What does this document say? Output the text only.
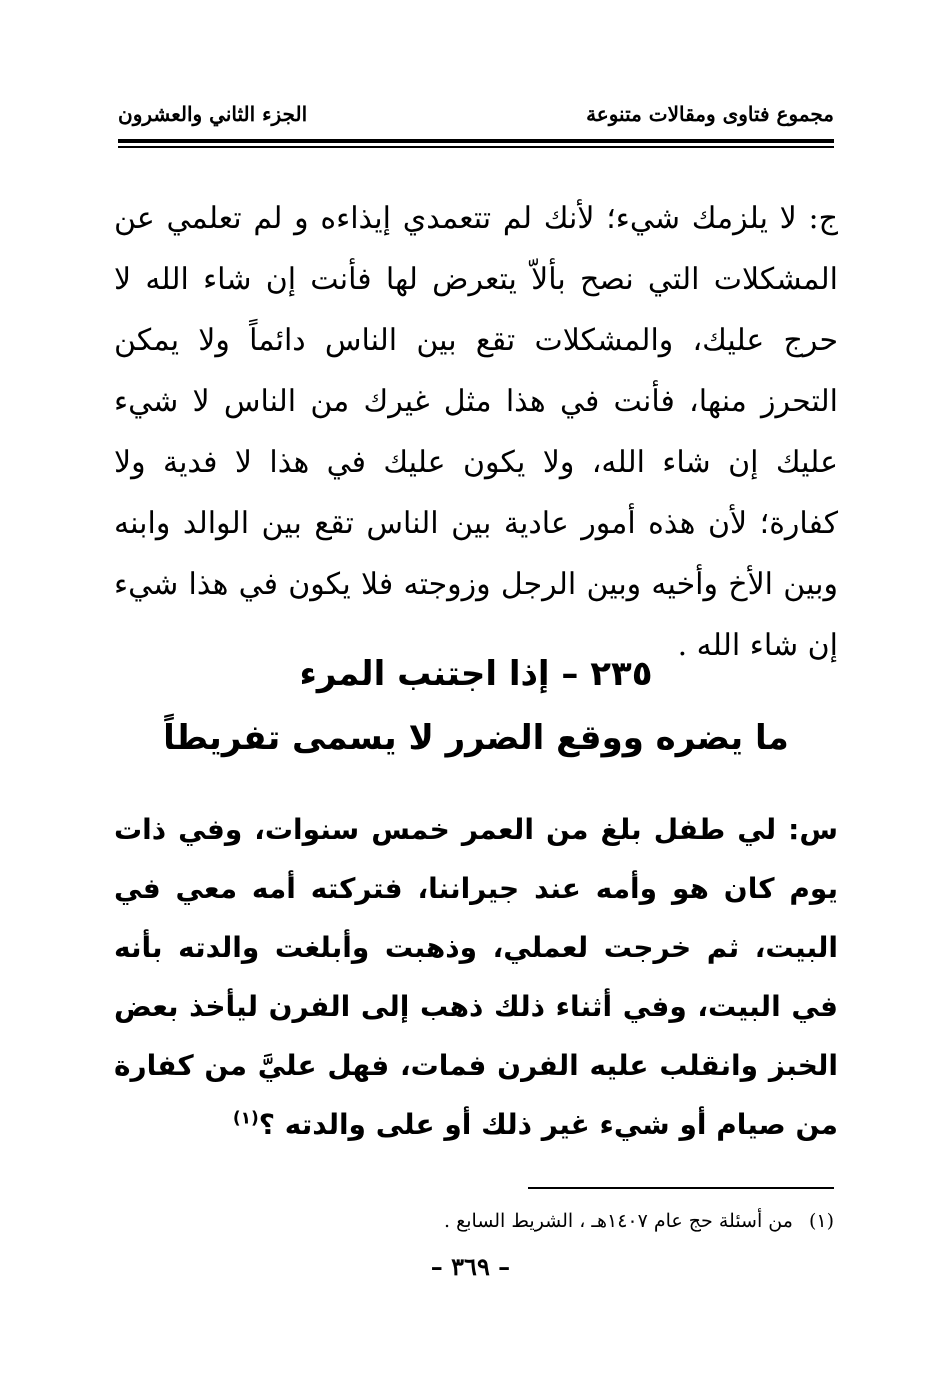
مجموع فتاوى ومقالات متنوعة
الجزء الثاني والعشرون
ج: لا يلزمك شيء؛ لأنك لم تتعمدي إيذاءه و لم تعلمي عن المشكلات التي نصح بألاّ يتعرض لها فأنت إن شاء الله لا حرج عليك، والمشكلات تقع بين الناس دائماً ولا يمكن التحرز منها، فأنت في هذا مثل غيرك من الناس لا شيء عليك إن شاء الله، ولا يكون عليك في هذا لا فدية ولا كفارة؛ لأن هذه أمور عادية بين الناس تقع بين الوالد وابنه وبين الأخ وأخيه وبين الرجل وزوجته فلا يكون في هذا شيء إن شاء الله .
٢٣٥ – إذا اجتنب المرء
ما يضره ووقع الضرر لا يسمى تفريطاً
س: لي طفل بلغ من العمر خمس سنوات، وفي ذات يوم كان هو وأمه عند جيراننا، فتركته أمه معي في البيت، ثم خرجت لعملي، وذهبت وأبلغت والدته بأنه في البيت، وفي أثناء ذلك ذهب إلى الفرن ليأخذ بعض الخبز وانقلب عليه الفرن فمات، فهل عليَّ من كفارة من صيام أو شيء غير ذلك أو على والدته ؟$^{(١)}$
(١)من أسئلة حج عام ١٤٠٧هـ ، الشريط السابع .
– ٣٦٩ –
